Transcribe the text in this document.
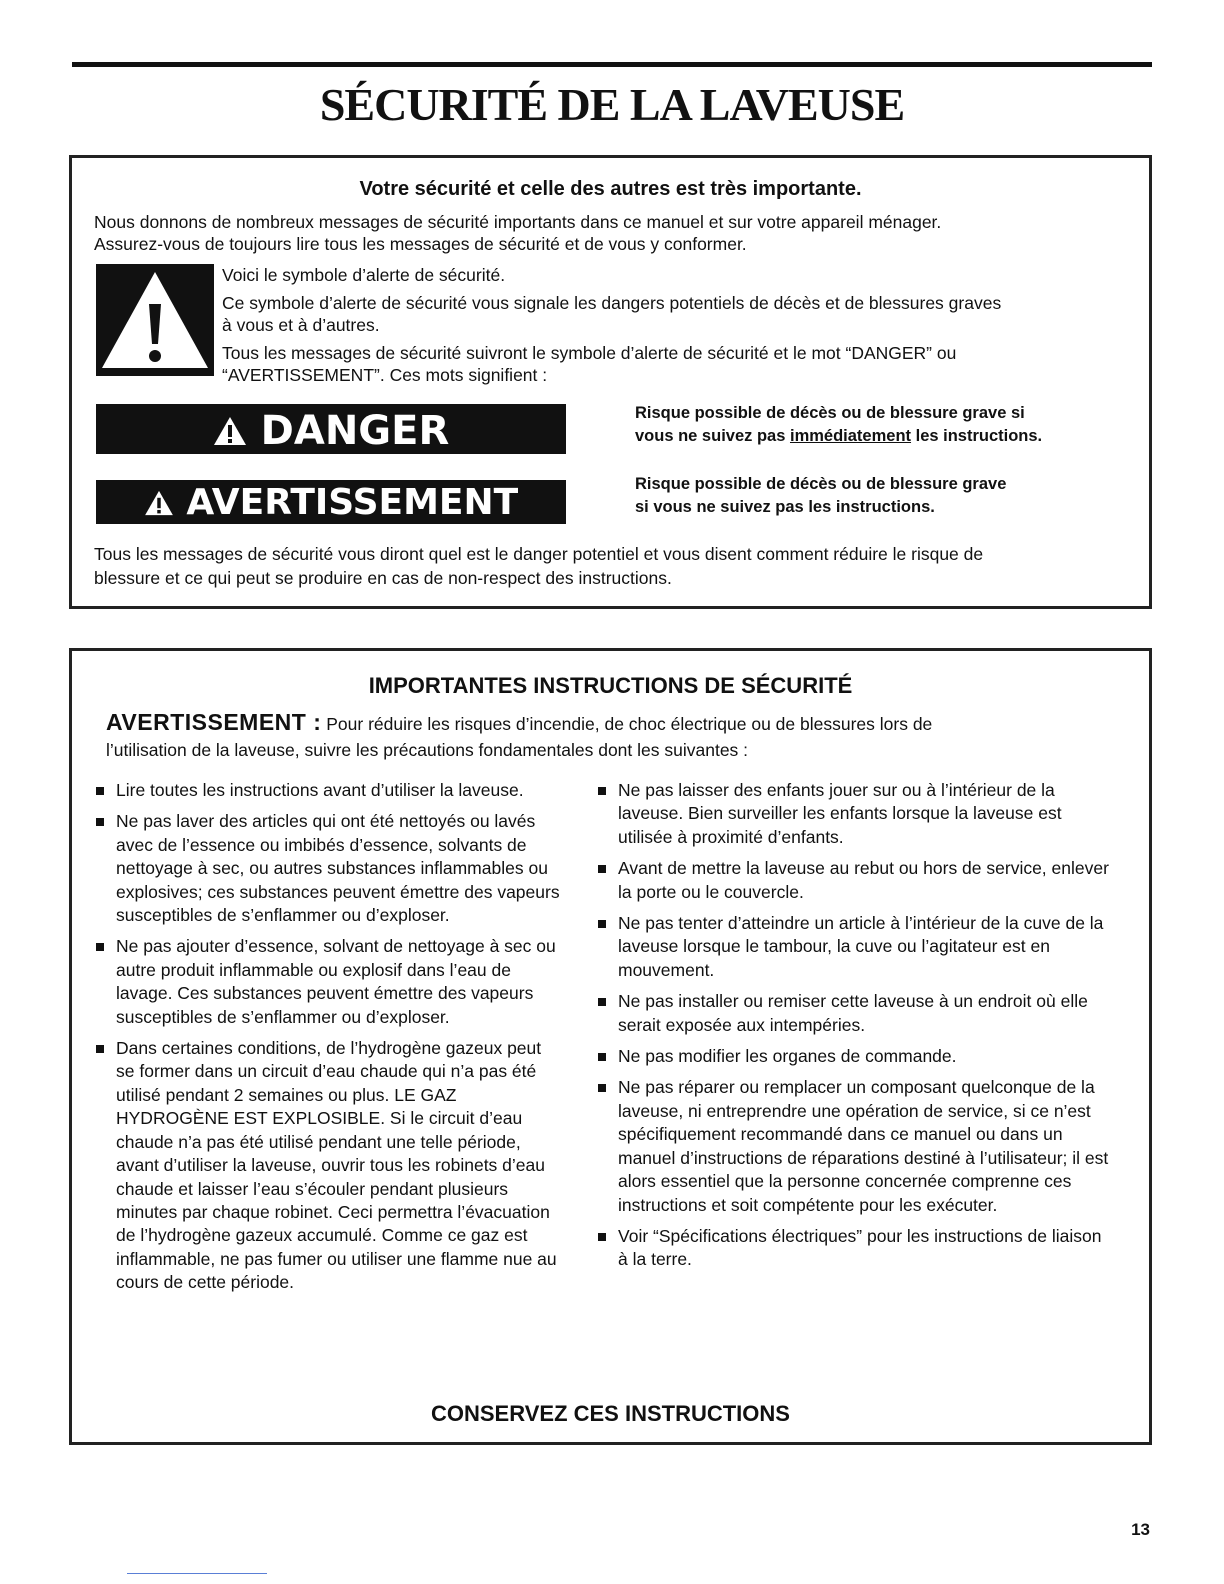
SÉCURITÉ DE LA LAVEUSE
Votre sécurité et celle des autres est très importante.
Nous donnons de nombreux messages de sécurité importants dans ce manuel et sur votre appareil ménager.
Assurez-vous de toujours lire tous les messages de sécurité et de vous y conformer.
Voici le symbole d’alerte de sécurité.
Ce symbole d’alerte de sécurité vous signale les dangers potentiels de décès et de blessures graves
à vous et à d’autres.
Tous les messages de sécurité suivront le symbole d’alerte de sécurité et le mot “DANGER” ou
“AVERTISSEMENT”. Ces mots signifient :
DANGER
AVERTISSEMENT
Risque possible de décès ou de blessure grave si
vous ne suivez pas immédiatement les instructions.
Risque possible de décès ou de blessure grave
si vous ne suivez pas les instructions.
Tous les messages de sécurité vous diront quel est le danger potentiel et vous disent comment réduire le risque de
blessure et ce qui peut se produire en cas de non-respect des instructions.
IMPORTANTES INSTRUCTIONS DE SÉCURITÉ
AVERTISSEMENT : Pour réduire les risques d’incendie, de choc électrique ou de blessures lors de
l’utilisation de la laveuse, suivre les précautions fondamentales dont les suivantes :
Lire toutes les instructions avant d’utiliser la laveuse.
Ne pas laver des articles qui ont été nettoyés ou lavés avec de l’essence ou imbibés d’essence, solvants de nettoyage à sec, ou autres substances inflammables ou explosives; ces substances peuvent émettre des vapeurs susceptibles de s’enflammer ou d’exploser.
Ne pas ajouter d’essence, solvant de nettoyage à sec ou autre produit inflammable ou explosif dans l’eau de lavage. Ces substances peuvent émettre des vapeurs susceptibles de s’enflammer ou d’exploser.
Dans certaines conditions, de l’hydrogène gazeux peut se former dans un circuit d’eau chaude qui n’a pas été utilisé pendant 2 semaines ou plus. LE GAZ HYDROGÈNE EST EXPLOSIBLE. Si le circuit d’eau chaude n’a pas été utilisé pendant une telle période, avant d’utiliser la laveuse, ouvrir tous les robinets d’eau chaude et laisser l’eau s’écouler pendant plusieurs minutes par chaque robinet. Ceci permettra l’évacuation de l’hydrogène gazeux accumulé. Comme ce gaz est inflammable, ne pas fumer ou utiliser une flamme nue au cours de cette période.
Ne pas laisser des enfants jouer sur ou à l’intérieur de la laveuse. Bien surveiller les enfants lorsque la laveuse est utilisée à proximité d’enfants.
Avant de mettre la laveuse au rebut ou hors de service, enlever la porte ou le couvercle.
Ne pas tenter d’atteindre un article à l’intérieur de la cuve de la laveuse lorsque le tambour, la cuve ou l’agitateur est en mouvement.
Ne pas installer ou remiser cette laveuse à un endroit où elle serait exposée aux intempéries.
Ne pas modifier les organes de commande.
Ne pas réparer ou remplacer un composant quelconque de la laveuse, ni entreprendre une opération de service, si ce n’est spécifiquement recommandé dans ce manuel ou dans un manuel d’instructions de réparations destiné à l’utilisateur; il est alors essentiel que la personne concernée comprenne ces instructions et soit compétente pour les exécuter.
Voir “Spécifications électriques” pour les instructions de liaison à la terre.
CONSERVEZ CES INSTRUCTIONS
13
